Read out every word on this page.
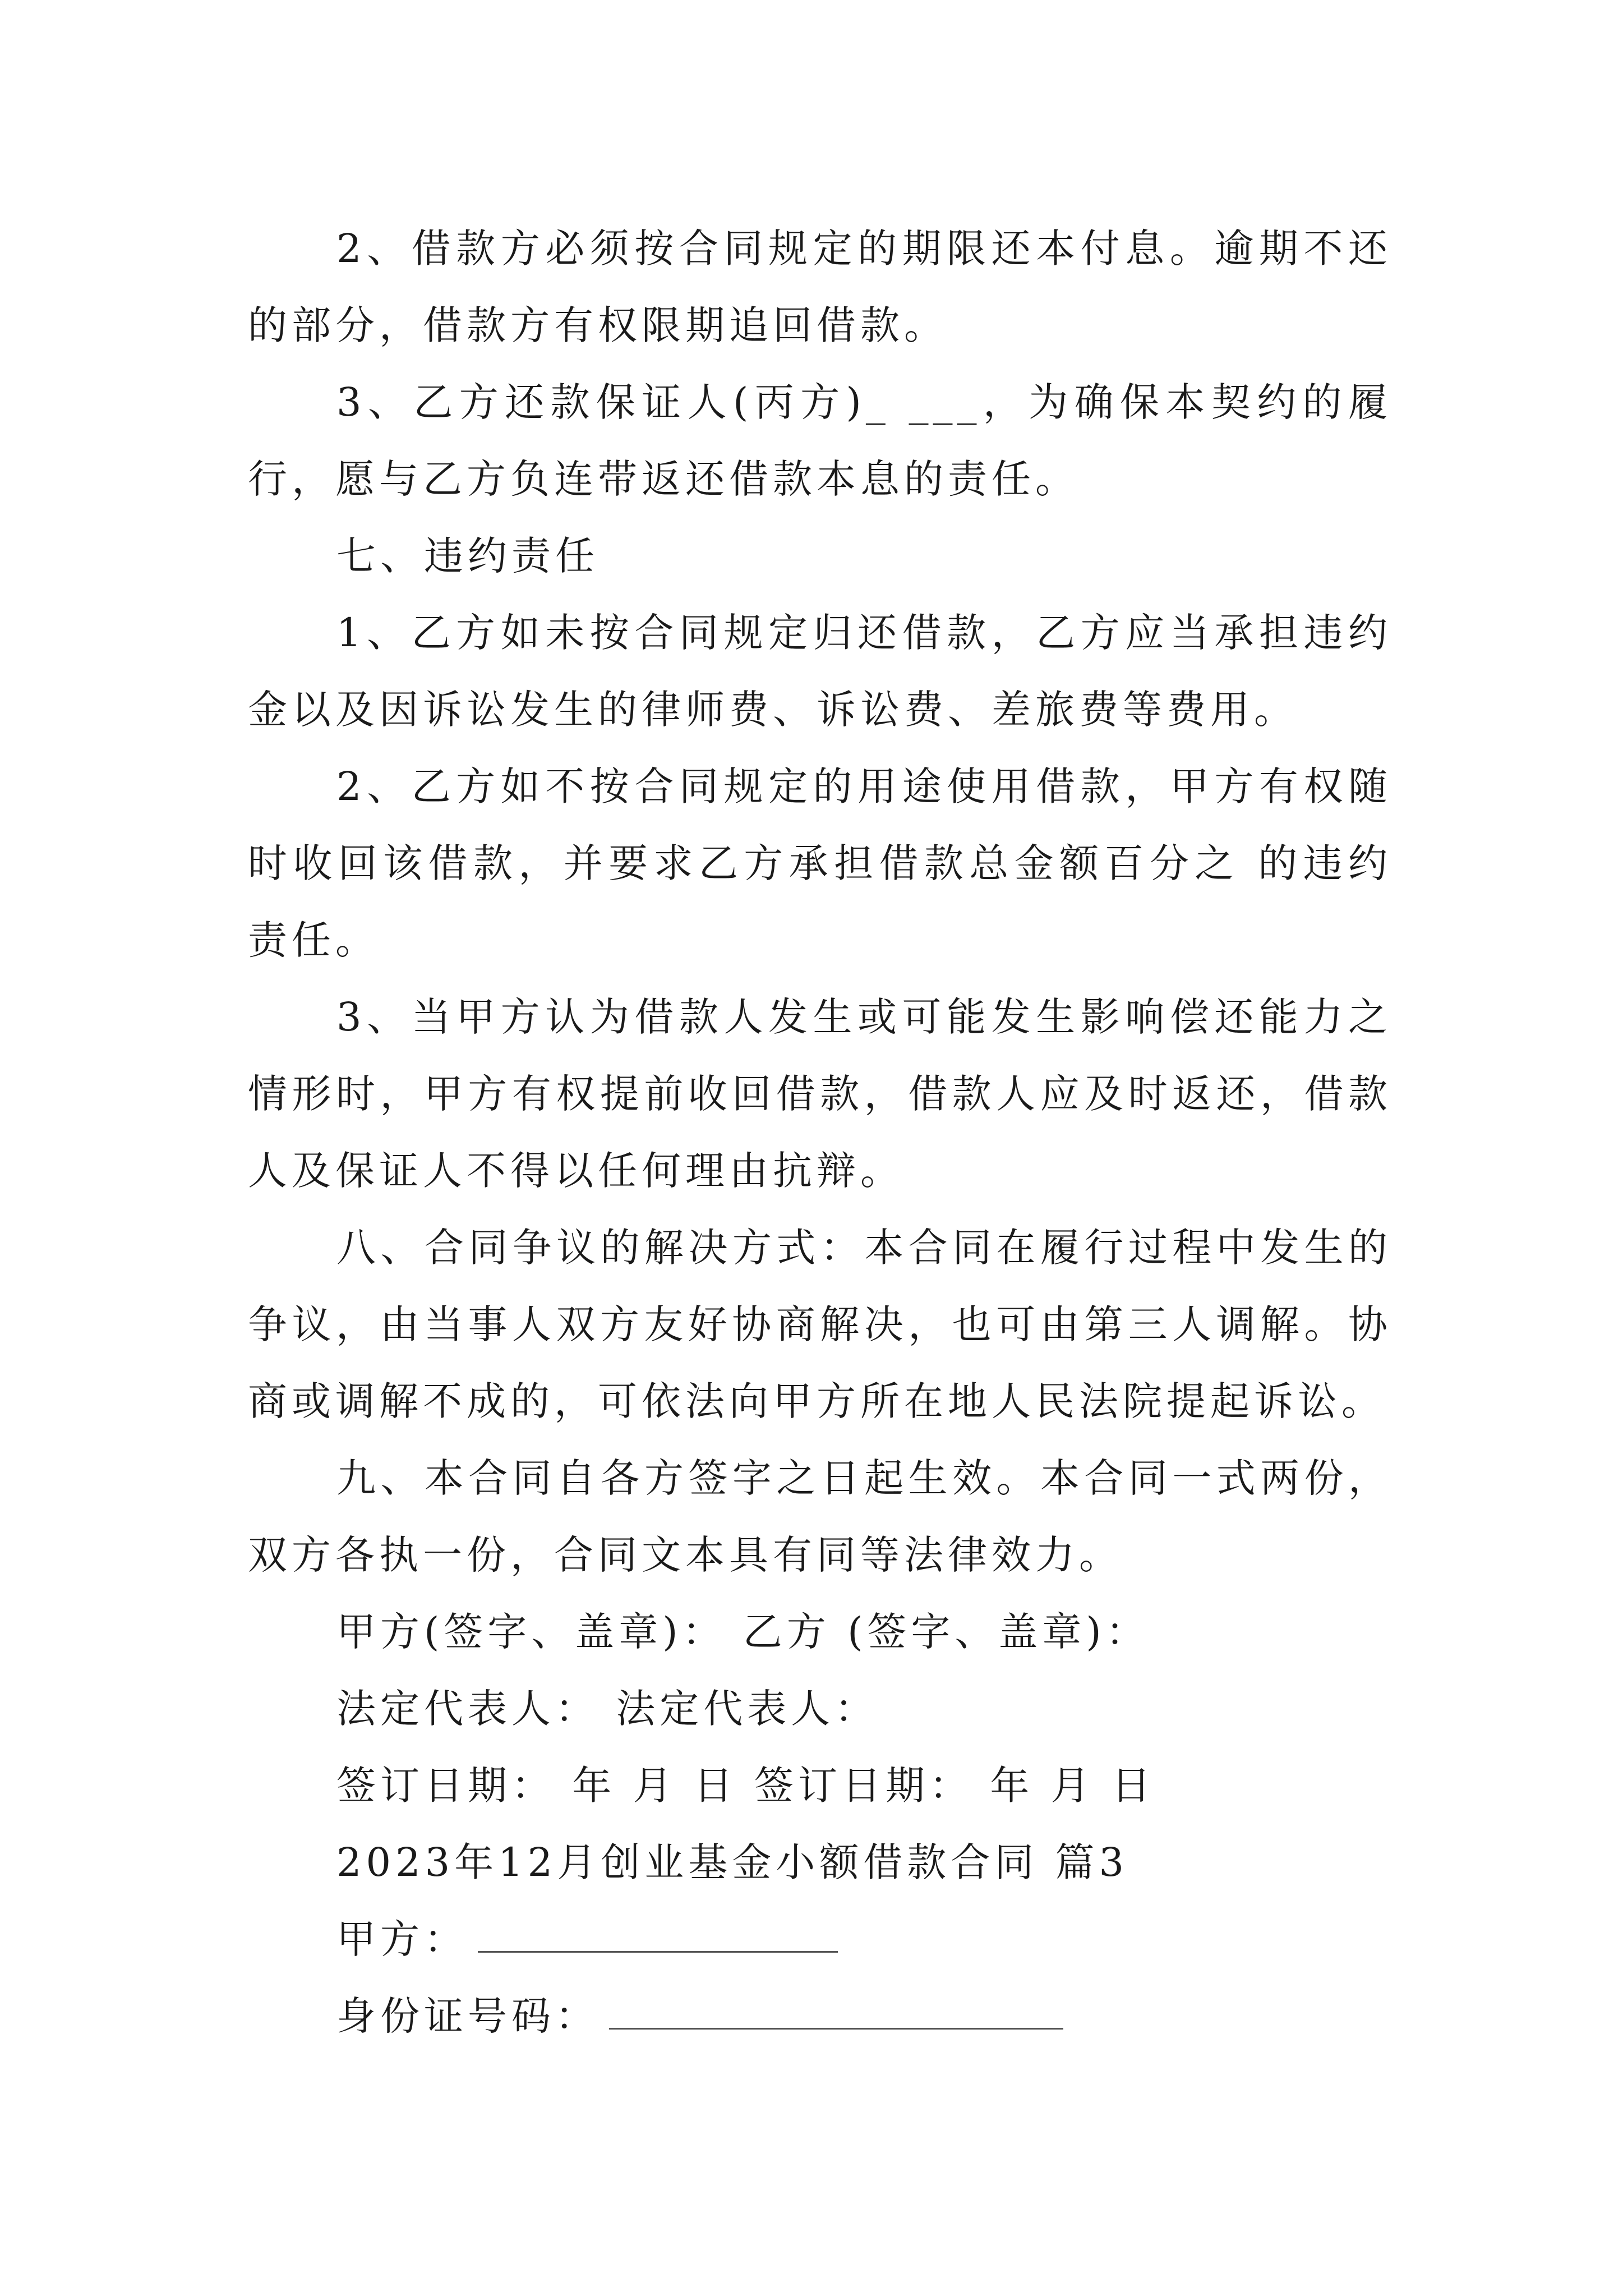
2、借款方必须按合同规定的期限还本付息。逾期不还的部分，借款方有权限期追回借款。

3、乙方还款保证人(丙方)_ ___，为确保本契约的履行，愿与乙方负连带返还借款本息的责任。

七、违约责任

1、乙方如未按合同规定归还借款，乙方应当承担违约金以及因诉讼发生的律师费、诉讼费、差旅费等费用。

2、乙方如不按合同规定的用途使用借款，甲方有权随时收回该借款，并要求乙方承担借款总金额百分之 的违约责任。

3、当甲方认为借款人发生或可能发生影响偿还能力之情形时，甲方有权提前收回借款，借款人应及时返还，借款人及保证人不得以任何理由抗辩。

八、合同争议的解决方式：本合同在履行过程中发生的争议，由当事人双方友好协商解决，也可由第三人调解。协商或调解不成的，可依法向甲方所在地人民法院提起诉讼。

九、本合同自各方签字之日起生效。本合同一式两份，双方各执一份，合同文本具有同等法律效力。

甲方(签字、盖章)： 乙方 (签字、盖章)：

法定代表人： 法定代表人：

签订日期： 年 月 日 签订日期： 年 月 日

2023年12月创业基金小额借款合同 篇3

甲方：

身份证号码：
